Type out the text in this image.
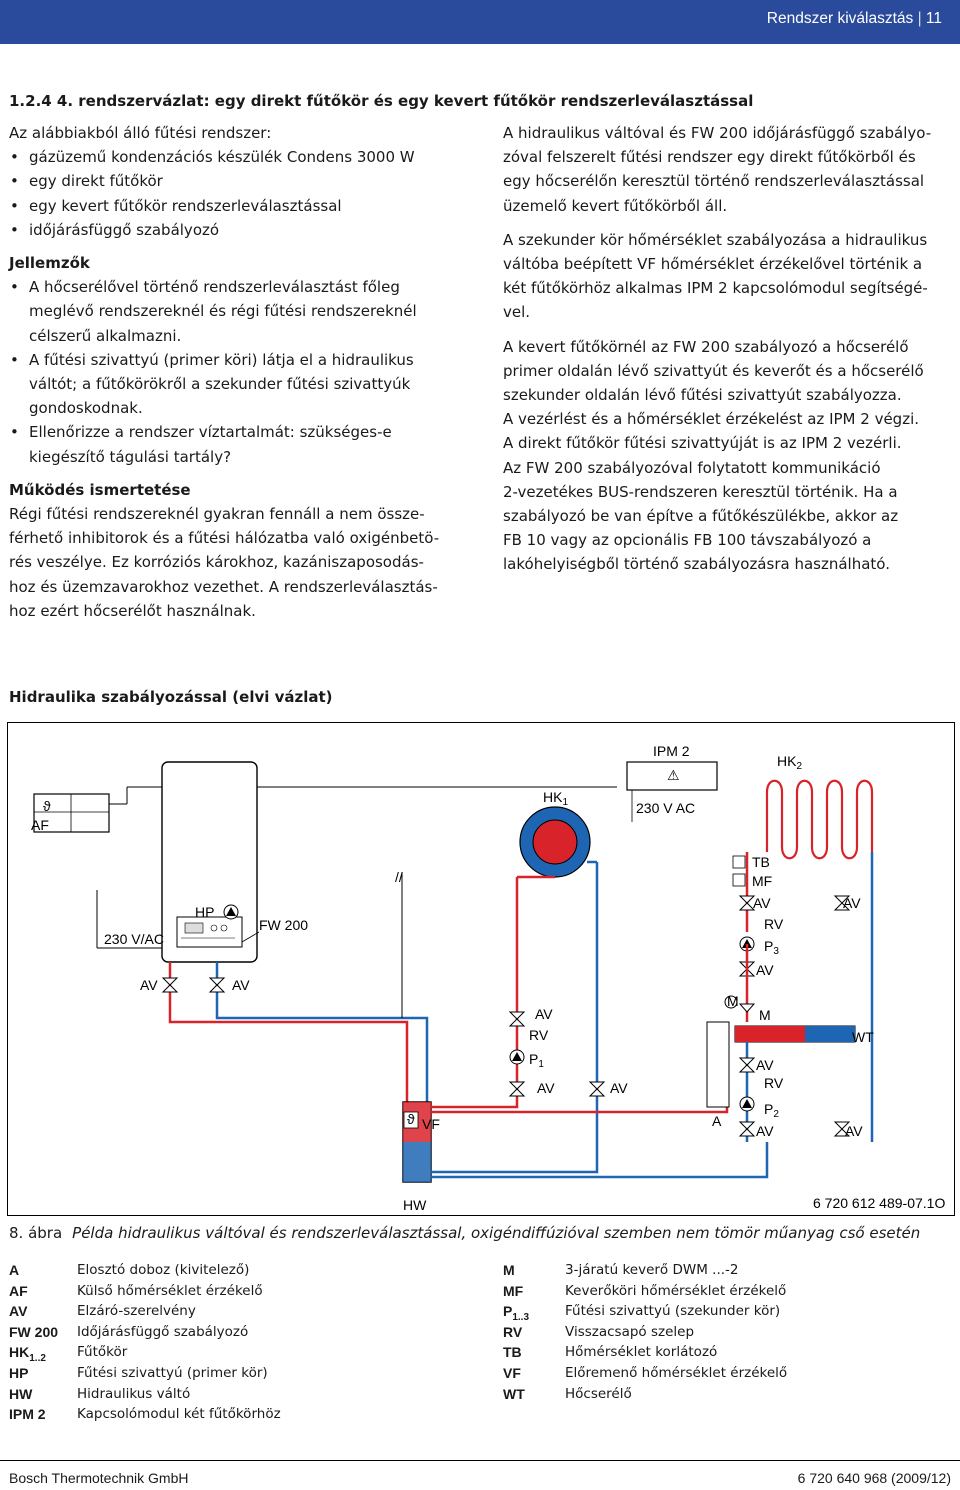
Rendszer kiválasztás | 11
1.2.4 4. rendszervázlat: egy direkt fűtőkör és egy kevert fűtőkör rendszerleválasztással

Az alábbiakból álló fűtési rendszer:

• gázüzemű kondenzációs készülék Condens 3000 W

• egy direkt fűtőkör

• egy kevert fűtőkör rendszerleválasztással

• időjárásfüggő szabályozó

Jellemzők

• A hőcserélővel történő rendszerleválasztást főleg
meglévő rendszereknél és régi fűtési rendszereknél
célszerű alkalmazni.

• A fűtési szivattyú (primer köri) látja el a hidraulikus
váltót; a fűtőkörökről a szekunder fűtési szivattyúk
gondoskodnak.

• Ellenőrizze a rendszer víztartalmát: szükséges-e
kiegészítő tágulási tartály?

Működés ismertetése

Régi fűtési rendszereknél gyakran fennáll a nem össze-

férhető inhibitorok és a fűtési hálózatba való oxigénbetö-

rés veszélye. Ez korróziós károkhoz, kazániszaposodás-

hoz és üzemzavarokhoz vezethet. A rendszerleválasztás-

hoz ezért hőcserélőt használnak.

A hidraulikus váltóval és FW 200 időjárásfüggő szabályo-

zóval felszerelt fűtési rendszer egy direkt fűtőkörből és

egy hőcserélőn keresztül történő rendszerleválasztással

üzemelő kevert fűtőkörből áll.

A szekunder kör hőmérséklet szabályozása a hidraulikus

váltóba beépített VF hőmérséklet érzékelővel történik a

két fűtőkörhöz alkalmas IPM 2 kapcsolómodul segítségé-

vel.

A kevert fűtőkörnél az FW 200 szabályozó a hőcserélő

primer oldalán lévő szivattyút és keverőt és a hőcserélő

szekunder oldalán lévő fűtési szivattyút szabályozza.

A vezérlést és a hőmérséklet érzékelést az IPM 2 végzi.

A direkt fűtőkör fűtési szivattyúját is az IPM 2 vezérli.

Az FW 200 szabályozóval folytatott kommunikáció

2-vezetékes BUS-rendszeren keresztül történik. Ha a

szabályozó be van építve a fűtőkészülékbe, akkor az

FB 10 vagy az opcionális FB 100 távszabályozó a

lakóhelyiségből történő szabályozásra használható.

Hidraulika szabályozással (elvi vázlat)
ϑ
AF
230 V/AC
HP
FW 200
AV	AV
//
ϑ VF
HW
$HK_1$
AV
RV
$P_1$
AV	AV
⚠
IPM 2
230 V AC
$HK_2$
TB
MF
AV	AV
RV
$P_3$
AV
M
M
WT
AV
RV
$P_2$
AV	AV
A
6 720 612 489-07.1O
8. ábra Példa hidraulikus váltóval és rendszerleválasztással, oxigéndiffúzióval szemben nem tömör műanyag cső esetén
A	Elosztó doboz (kivitelező)
AF	Külső hőmérséklet érzékelő
AV	Elzáró-szerelvény
FW 200 Időjárásfüggő szabályozó
$HK_{1..2}$ Fűtőkör
HP	Fűtési szivattyú (primer kör)
HW	Hidraulikus váltó
IPM 2 Kapcsolómodul két fűtőkörhöz
M	3-járatú keverő DWM ...-2
MF	Keverőköri hőmérséklet érzékelő
$P_{1..3}$	Fűtési szivattyú (szekunder kör)
RV	Visszacsapó szelep
TB	Hőmérséklet korlátozó
VF	Előremenő hőmérséklet érzékelő
WT	Hőcserélő
Bosch Thermotechnik GmbH	6 720 640 968 (2009/12)
